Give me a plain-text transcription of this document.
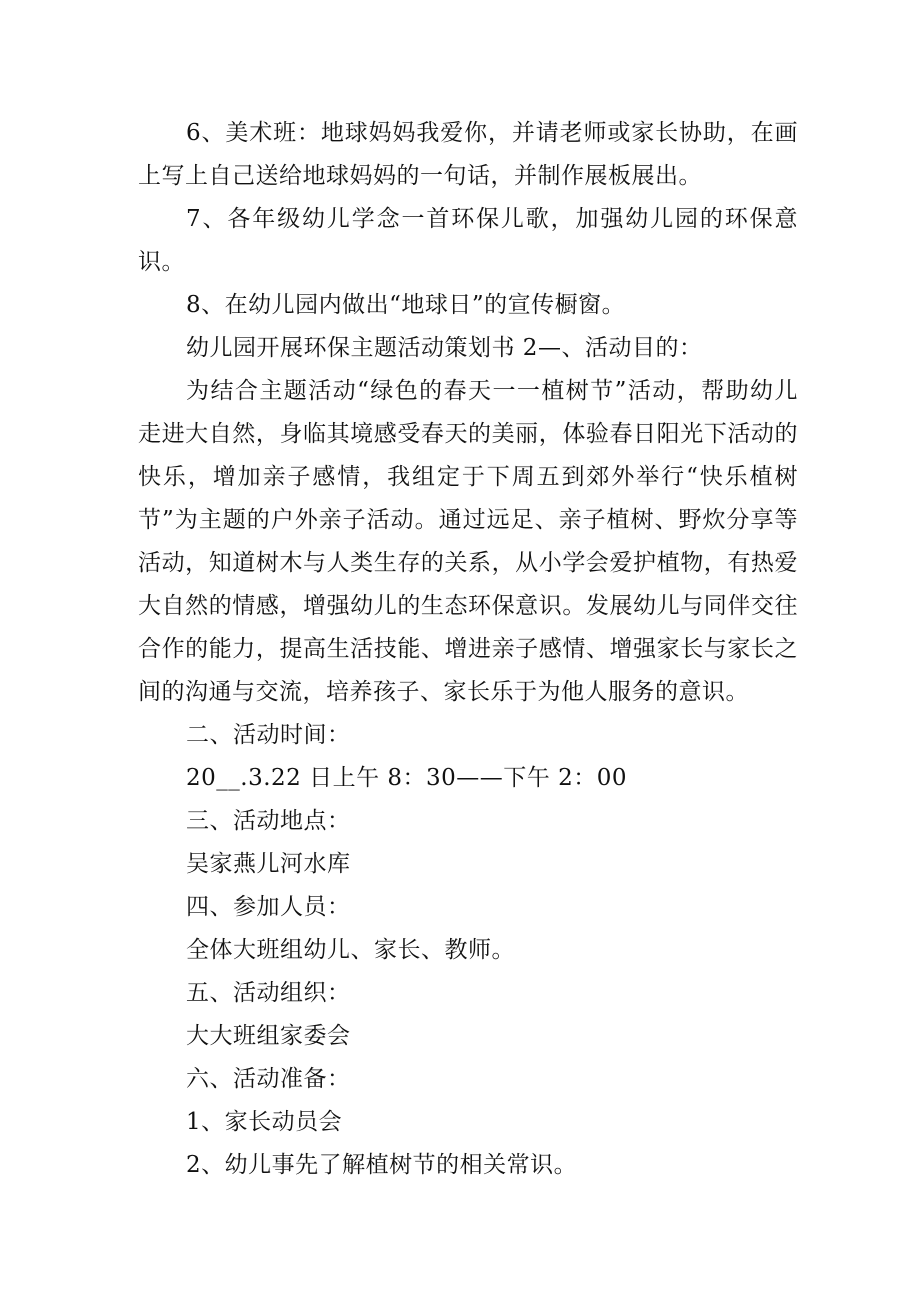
6、美术班：地球妈妈我爱你，并请老师或家长协助，在画上写上自己送给地球妈妈的一句话，并制作展板展出。

7、各年级幼儿学念一首环保儿歌，加强幼儿园的环保意识。

8、在幼儿园内做出“地球日”的宣传橱窗。

幼儿园开展环保主题活动策划书 2—、活动目的：

为结合主题活动“绿色的春天一一植树节”活动，帮助幼儿走进大自然，身临其境感受春天的美丽，体验春日阳光下活动的快乐，增加亲子感情，我组定于下周五到郊外举行“快乐植树节”为主题的户外亲子活动。通过远足、亲子植树、野炊分享等活动，知道树木与人类生存的关系，从小学会爱护植物，有热爱大自然的情感，增强幼儿的生态环保意识。发展幼儿与同伴交往合作的能力，提高生活技能、增进亲子感情、增强家长与家长之间的沟通与交流，培养孩子、家长乐于为他人服务的意识。

二、活动时间：

20__.3.22 日上午 8：30——下午 2：00

三、活动地点：

吴家燕儿河水库

四、参加人员：

全体大班组幼儿、家长、教师。

五、活动组织：

大大班组家委会

六、活动准备：

1、家长动员会

2、幼儿事先了解植树节的相关常识。
